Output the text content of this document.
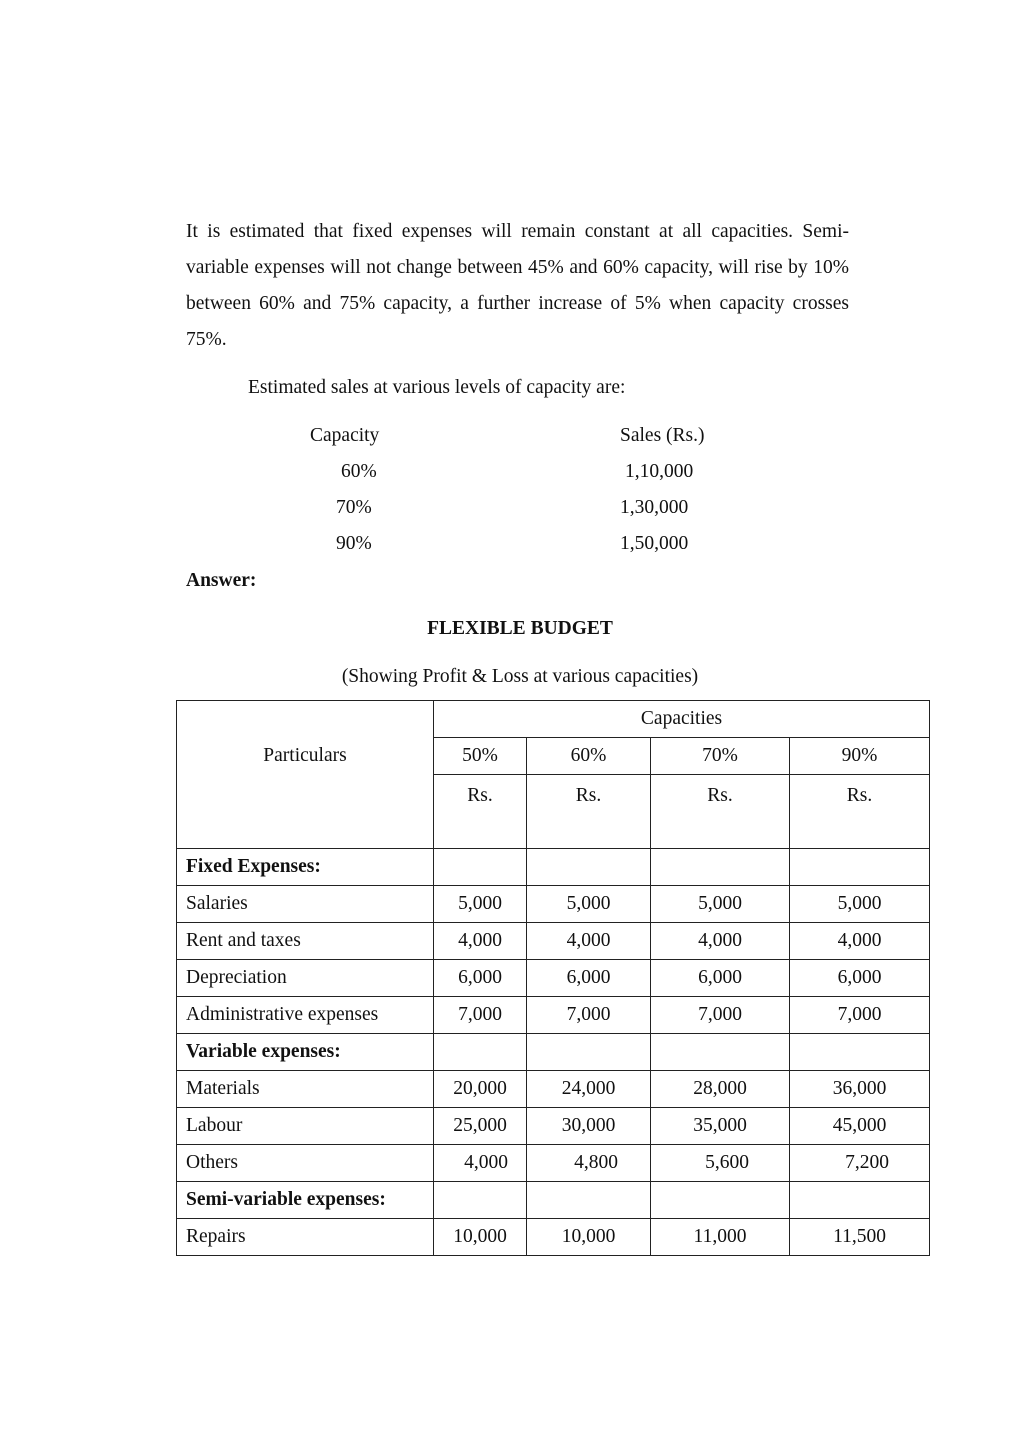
It is estimated that fixed expenses will remain constant at all capacities. Semi-variable expenses will not change between 45% and 60% capacity, will rise by 10% between 60% and 75% capacity, a further increase of 5% when capacity crosses 75%.

Estimated sales at various levels of capacity are:

Capacity	Sales (Rs.)
60%	1,10,000
70%	1,30,000
90%	1,50,000

Answer:

FLEXIBLE BUDGET

(Showing Profit & Loss at various capacities)

Particulars	Capacities			
	50%	60%	70%	90%
	Rs.	Rs.	Rs.	Rs.
Fixed Expenses:				
Salaries	5,000	5,000	5,000	5,000
Rent and taxes	4,000	4,000	4,000	4,000
Depreciation	6,000	6,000	6,000	6,000
Administrative expenses	7,000	7,000	7,000	7,000
Variable expenses:				
Materials	20,000	24,000	28,000	36,000
Labour	25,000	30,000	35,000	45,000
Others	4,000	4,800	5,600	7,200
Semi-variable expenses:				
Repairs	10,000	10,000	11,000	11,500
